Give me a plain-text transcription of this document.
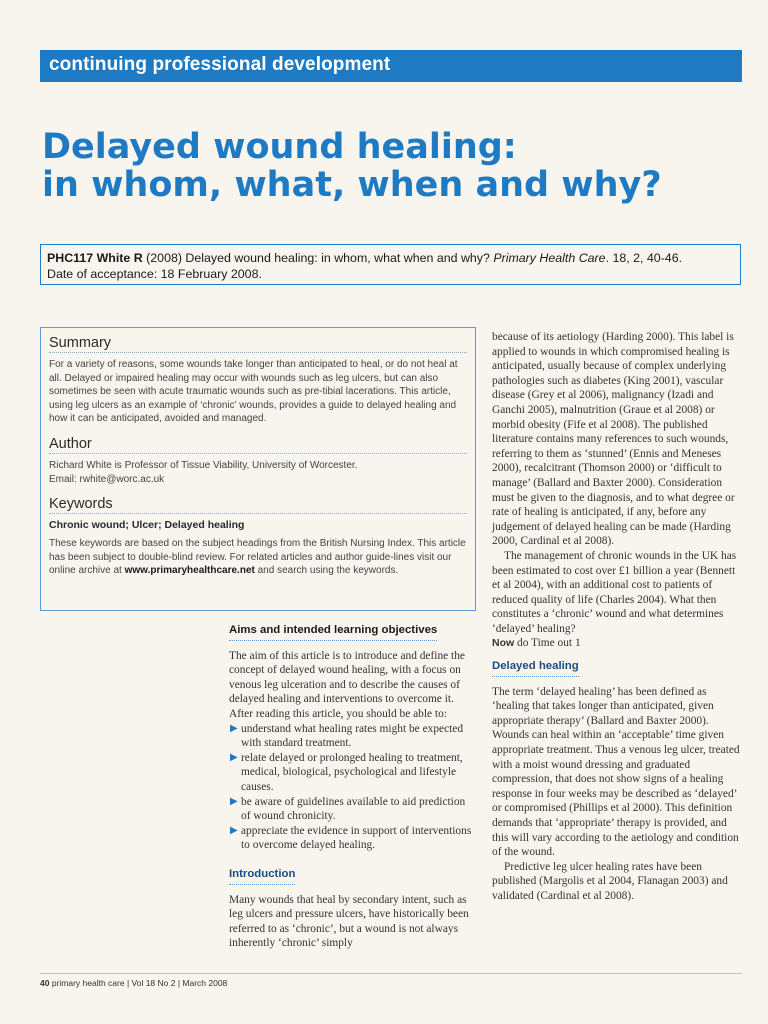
continuing professional development
Delayed wound healing:
in whom, what, when and why?
PHC117 White R (2008) Delayed wound healing: in whom, what when and why? Primary Health Care. 18, 2, 40-46.
Date of acceptance: 18 February 2008.
Summary
For a variety of reasons, some wounds take longer than anticipated to heal, or do not heal at all. Delayed or impaired healing may occur with wounds such as leg ulcers, but can also sometimes be seen with acute traumatic wounds such as pre-tibial lacerations. This article, using leg ulcers as an example of ‘chronic’ wounds, provides a guide to delayed healing and how it can be anticipated, avoided and managed.
Author
Richard White is Professor of Tissue Viability, University of Worcester.
Email: rwhite@worc.ac.uk
Keywords
Chronic wound; Ulcer; Delayed healing
These keywords are based on the subject headings from the British Nursing Index. This article has been subject to double-blind review. For related articles and author guide-lines visit our online archive at www.primaryhealthcare.net and search using the keywords.
Aims and intended learning objectives

The aim of this article is to introduce and define the concept of delayed wound healing, with a focus on venous leg ulceration and to describe the causes of delayed healing and interventions to overcome it. After reading this article, you should be able to:

▶ understand what healing rates might be expected with standard treatment.
▶ relate delayed or prolonged healing to treatment, medical, biological, psychological and lifestyle causes.
▶ be aware of guidelines available to aid prediction of wound chronicity.
▶ appreciate the evidence in support of interventions to overcome delayed healing.
Introduction

Many wounds that heal by secondary intent, such as leg ulcers and pressure ulcers, have historically been referred to as ‘chronic’, but a wound is not always inherently ‘chronic’ simply

because of its aetiology (Harding 2000). This label is applied to wounds in which compromised healing is anticipated, usually because of complex underlying pathologies such as diabetes (King 2001), vascular disease (Grey et al 2006), malignancy (Izadi and Ganchi 2005), malnutrition (Graue et al 2008) or morbid obesity (Fife et al 2008). The published literature contains many references to such wounds, referring to them as ‘stunned’ (Ennis and Meneses 2000), recalcitrant (Thomson 2000) or ‘difficult to manage’ (Ballard and Baxter 2000). Consideration must be given to the diagnosis, and to what degree or rate of healing is anticipated, if any, before any judgement of delayed healing can be made (Harding 2000, Cardinal et al 2008).

The management of chronic wounds in the UK has been estimated to cost over £1 billion a year (Bennett et al 2004), with an additional cost to patients of reduced quality of life (Charles 2004). What then constitutes a ‘chronic’ wound and what determines ‘delayed’ healing?

Now do Time out 1

Delayed healing

The term ‘delayed healing’ has been defined as ‘healing that takes longer than anticipated, given appropriate therapy’ (Ballard and Baxter 2000). Wounds can heal within an ‘acceptable’ time given appropriate treatment. Thus a venous leg ulcer, treated with a moist wound dressing and graduated compression, that does not show signs of a healing response in four weeks may be described as ‘delayed’ or compromised (Phillips et al 2000). This definition demands that ‘appropriate’ therapy is provided, and this will vary according to the aetiology and condition of the wound.

Predictive leg ulcer healing rates have been published (Margolis et al 2004, Flanagan 2003) and validated (Cardinal et al 2008).

40 primary health care | Vol 18 No 2 | March 2008
